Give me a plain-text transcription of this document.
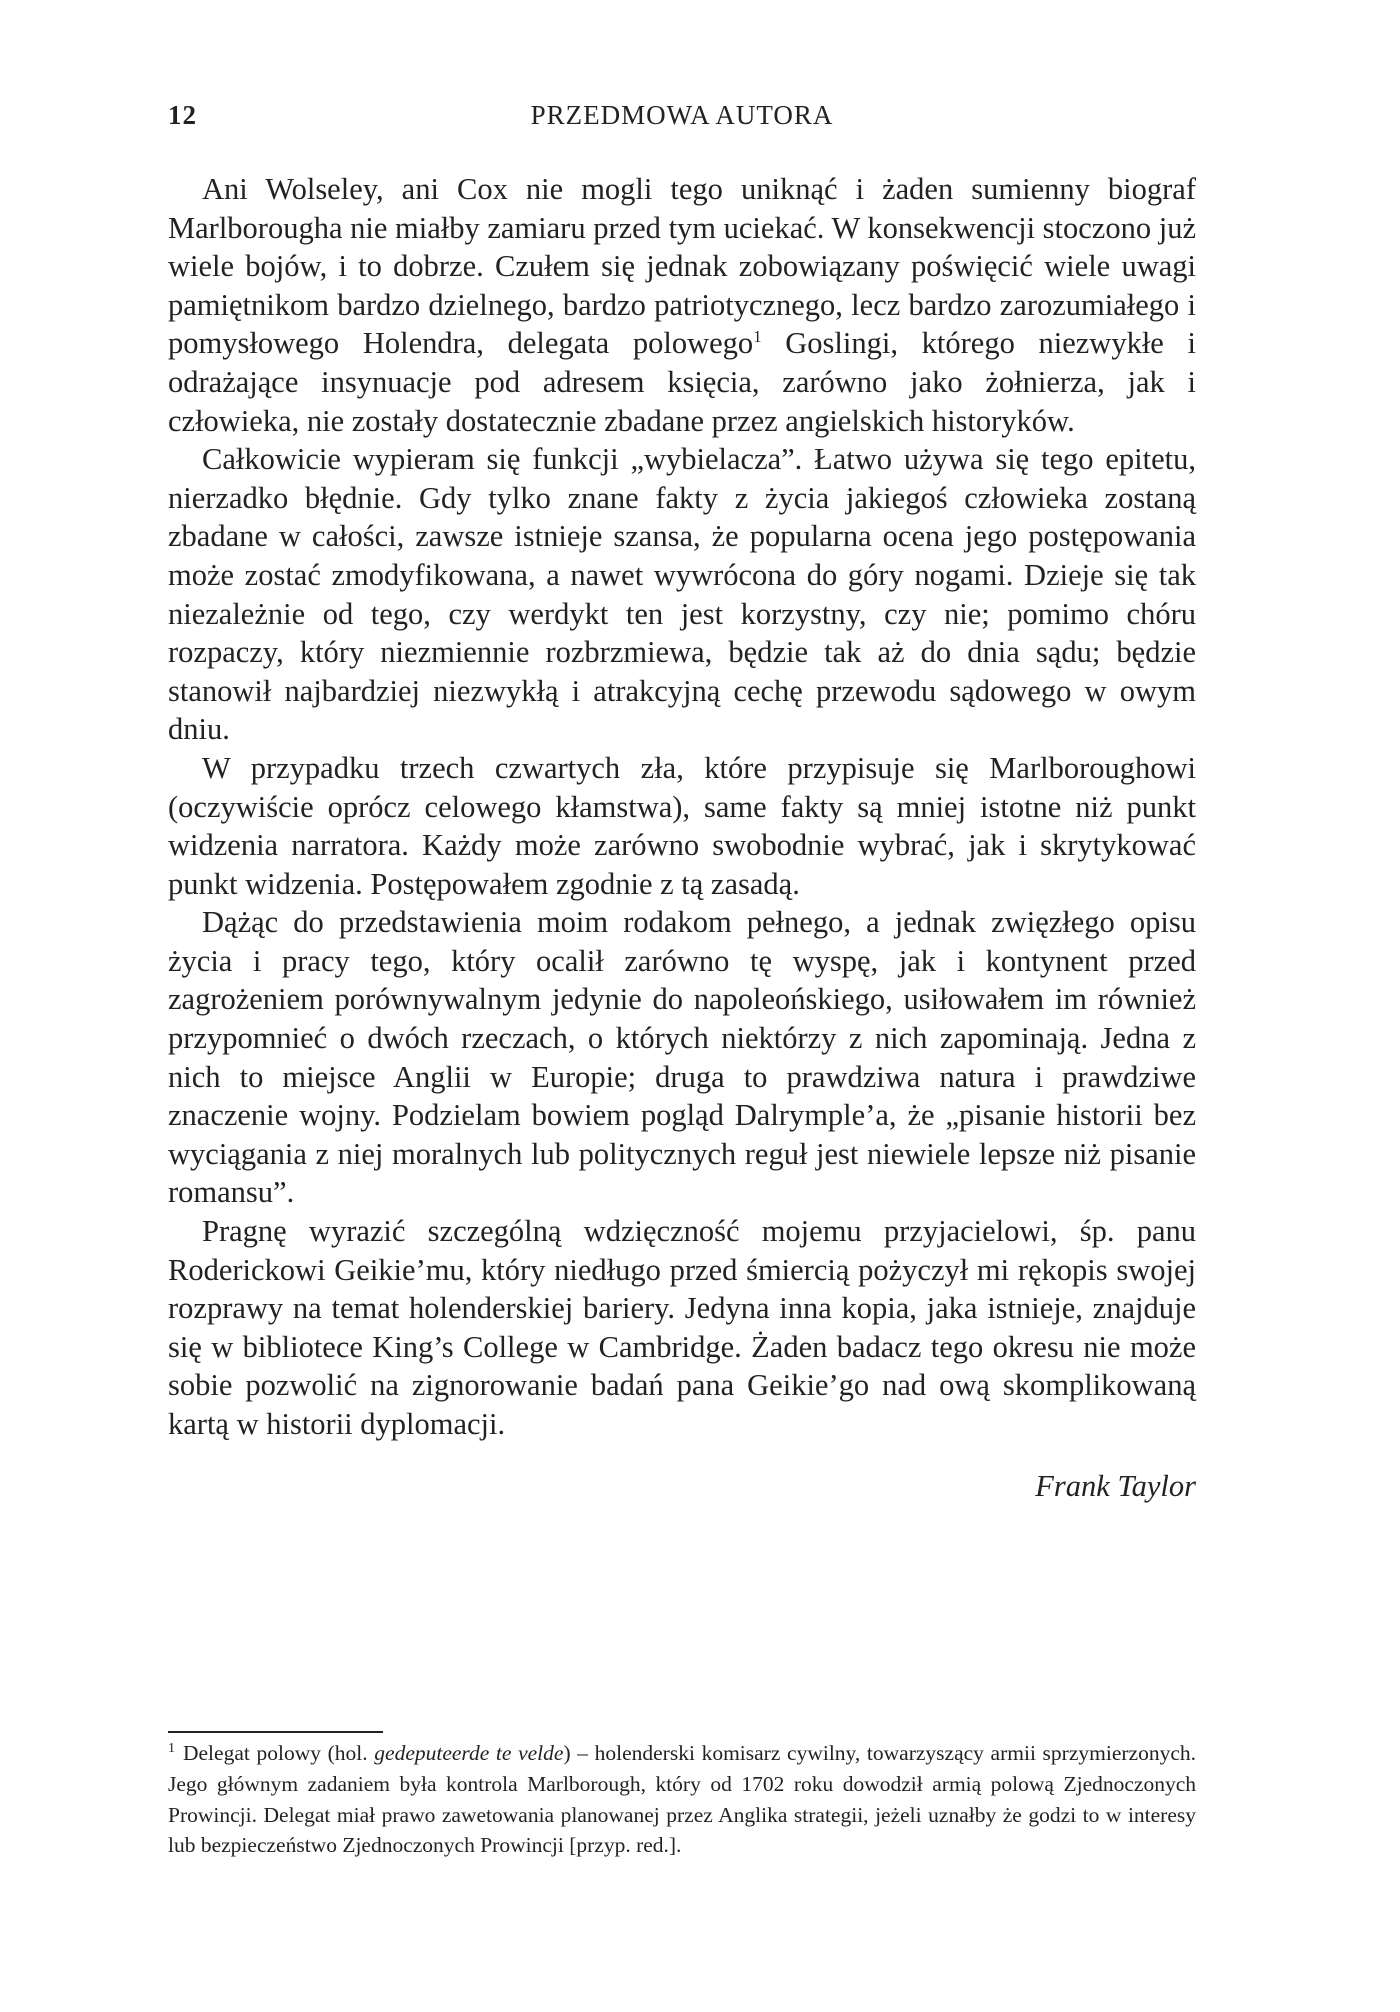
12	PRZEDMOWA AUTORA

Ani Wolseley, ani Cox nie mogli tego uniknąć i żaden sumienny biograf Marlborougha nie miałby zamiaru przed tym uciekać. W konsekwencji stoczono już wiele bojów, i to dobrze. Czułem się jednak zobowiązany poświęcić wiele uwagi pamiętnikom bardzo dzielnego, bardzo patriotycznego, lecz bardzo zarozumiałego i pomysłowego Holendra, delegata polowego$^1$ Goslingi, którego niezwykłe i odrażające insynuacje pod adresem księcia, zarówno jako żołnierza, jak i człowieka, nie zostały dostatecznie zbadane przez angielskich historyków.

Całkowicie wypieram się funkcji „wybielacza”. Łatwo używa się tego epitetu, nierzadko błędnie. Gdy tylko znane fakty z życia jakiegoś człowieka zostaną zbadane w całości, zawsze istnieje szansa, że popularna ocena jego postępowania może zostać zmodyfikowana, a nawet wywrócona do góry nogami. Dzieje się tak niezależnie od tego, czy werdykt ten jest korzystny, czy nie; pomimo chóru rozpaczy, który niezmiennie rozbrzmiewa, będzie tak aż do dnia sądu; będzie stanowił najbardziej niezwykłą i atrakcyjną cechę przewodu sądowego w owym dniu.

W przypadku trzech czwartych zła, które przypisuje się Marlboroughowi (oczywiście oprócz celowego kłamstwa), same fakty są mniej istotne niż punkt widzenia narratora. Każdy może zarówno swobodnie wybrać, jak i skrytykować punkt widzenia. Postępowałem zgodnie z tą zasadą.

Dążąc do przedstawienia moim rodakom pełnego, a jednak zwięzłego opisu życia i pracy tego, który ocalił zarówno tę wyspę, jak i kontynent przed zagrożeniem porównywalnym jedynie do napoleońskiego, usiłowałem im również przypomnieć o dwóch rzeczach, o których niektórzy z nich zapominają. Jedna z nich to miejsce Anglii w Europie; druga to prawdziwa natura i prawdziwe znaczenie wojny. Podzielam bowiem pogląd Dalrymple’a, że „pisanie historii bez wyciągania z niej moralnych lub politycznych reguł jest niewiele lepsze niż pisanie romansu”.

Pragnę wyrazić szczególną wdzięczność mojemu przyjacielowi, śp. panu Roderickowi Geikie’mu, który niedługo przed śmiercią pożyczył mi rękopis swojej rozprawy na temat holenderskiej bariery. Jedyna inna kopia, jaka istnieje, znajduje się w bibliotece King’s College w Cambridge. Żaden badacz tego okresu nie może sobie pozwolić na zignorowanie badań pana Geikie’go nad ową skomplikowaną kartą w historii dyplomacji.

Frank Taylor

$^1$ Delegat polowy (hol. gedeputeerde te velde) – holenderski komisarz cywilny, towarzyszący armii sprzymierzonych. Jego głównym zadaniem była kontrola Marlborough, który od 1702 roku dowodził armią polową Zjednoczonych Prowincji. Delegat miał prawo zawetowania planowanej przez Anglika strategii, jeżeli uznałby że godzi to w interesy lub bezpieczeństwo Zjednoczonych Prowincji [przyp. red.].
